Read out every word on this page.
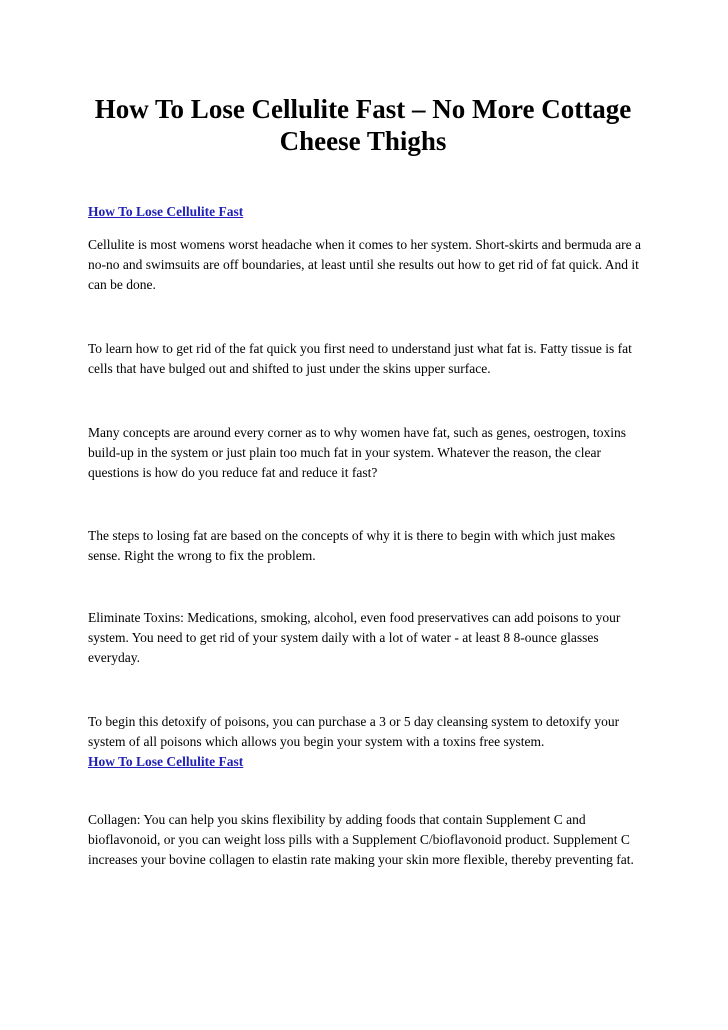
How To Lose Cellulite Fast – No More Cottage Cheese Thighs
How To Lose Cellulite Fast

Cellulite is most womens worst headache when it comes to her system. Short-skirts and bermuda are a no-no and swimsuits are off boundaries, at least until she results out how to get rid of fat quick. And it can be done.

To learn how to get rid of the fat quick you first need to understand just what fat is. Fatty tissue is fat cells that have bulged out and shifted to just under the skins upper surface.

Many concepts are around every corner as to why women have fat, such as genes, oestrogen, toxins build-up in the system or just plain too much fat in your system. Whatever the reason, the clear questions is how do you reduce fat and reduce it fast?

The steps to losing fat are based on the concepts of why it is there to begin with which just makes sense. Right the wrong to fix the problem.

Eliminate Toxins: Medications, smoking, alcohol, even food preservatives can add poisons to your system. You need to get rid of your system daily with a lot of water - at least 8 8-ounce glasses everyday.

To begin this detoxify of poisons, you can purchase a 3 or 5 day cleansing system to detoxify your system of all poisons which allows you begin your system with a toxins free system.
How To Lose Cellulite Fast

Collagen: You can help you skins flexibility by adding foods that contain Supplement C and bioflavonoid, or you can weight loss pills with a Supplement C/bioflavonoid product. Supplement C increases your bovine collagen to elastin rate making your skin more flexible, thereby preventing fat.
